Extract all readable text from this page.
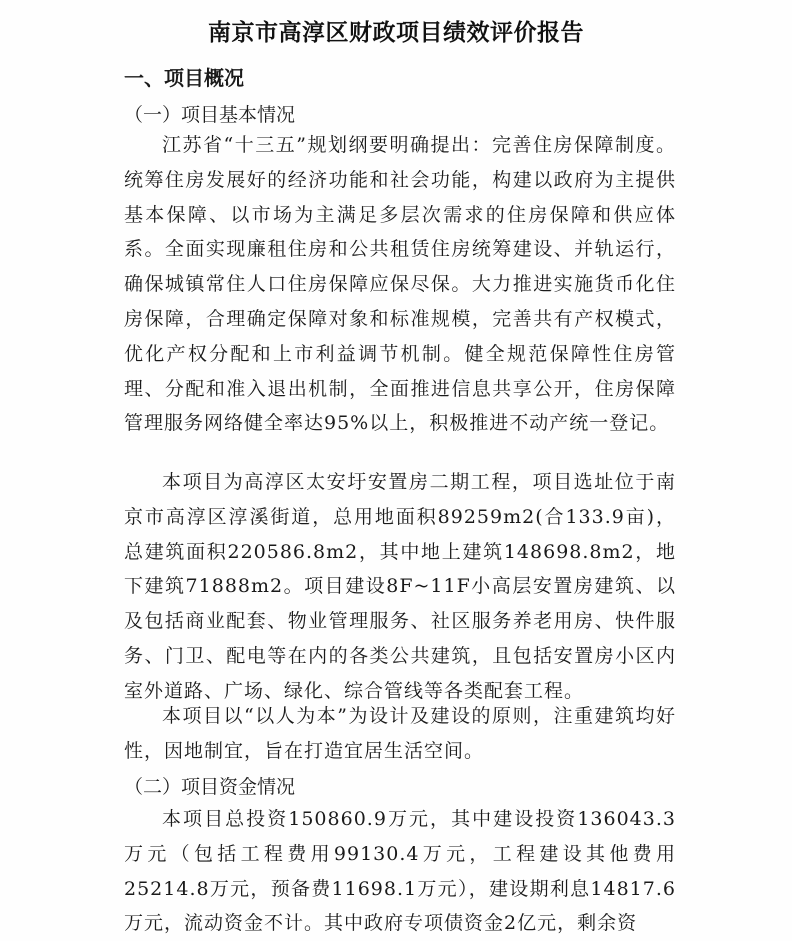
南京市高淳区财政项目绩效评价报告
一、项目概况
（一）项目基本情况

江苏省“十三五”规划纲要明确提出：完善住房保障制度。统筹住房发展好的经济功能和社会功能，构建以政府为主提供基本保障、以市场为主满足多层次需求的住房保障和供应体系。全面实现廉租住房和公共租赁住房统筹建设、并轨运行，确保城镇常住人口住房保障应保尽保。大力推进实施货币化住房保障，合理确定保障对象和标准规模，完善共有产权模式，优化产权分配和上市利益调节机制。健全规范保障性住房管理、分配和准入退出机制，全面推进信息共享公开，住房保障管理服务网络健全率达95%以上，积极推进不动产统一登记。

本项目为高淳区太安圩安置房二期工程，项目选址位于南京市高淳区淳溪街道，总用地面积89259m2(合133.9亩)，总建筑面积220586.8m2，其中地上建筑148698.8m2，地下建筑71888m2。项目建设8F~11F小高层安置房建筑、以及包括商业配套、物业管理服务、社区服务养老用房、快件服务、门卫、配电等在内的各类公共建筑，且包括安置房小区内室外道路、广场、绿化、综合管线等各类配套工程。

本项目以“以人为本”为设计及建设的原则，注重建筑均好性，因地制宜，旨在打造宜居生活空间。

（二）项目资金情况

本项目总投资150860.9万元，其中建设投资136043.3万元（包括工程费用99130.4万元，工程建设其他费用25214.8万元，预备费11698.1万元），建设期利息14817.6万元，流动资金不计。其中政府专项债资金2亿元，剩余资
